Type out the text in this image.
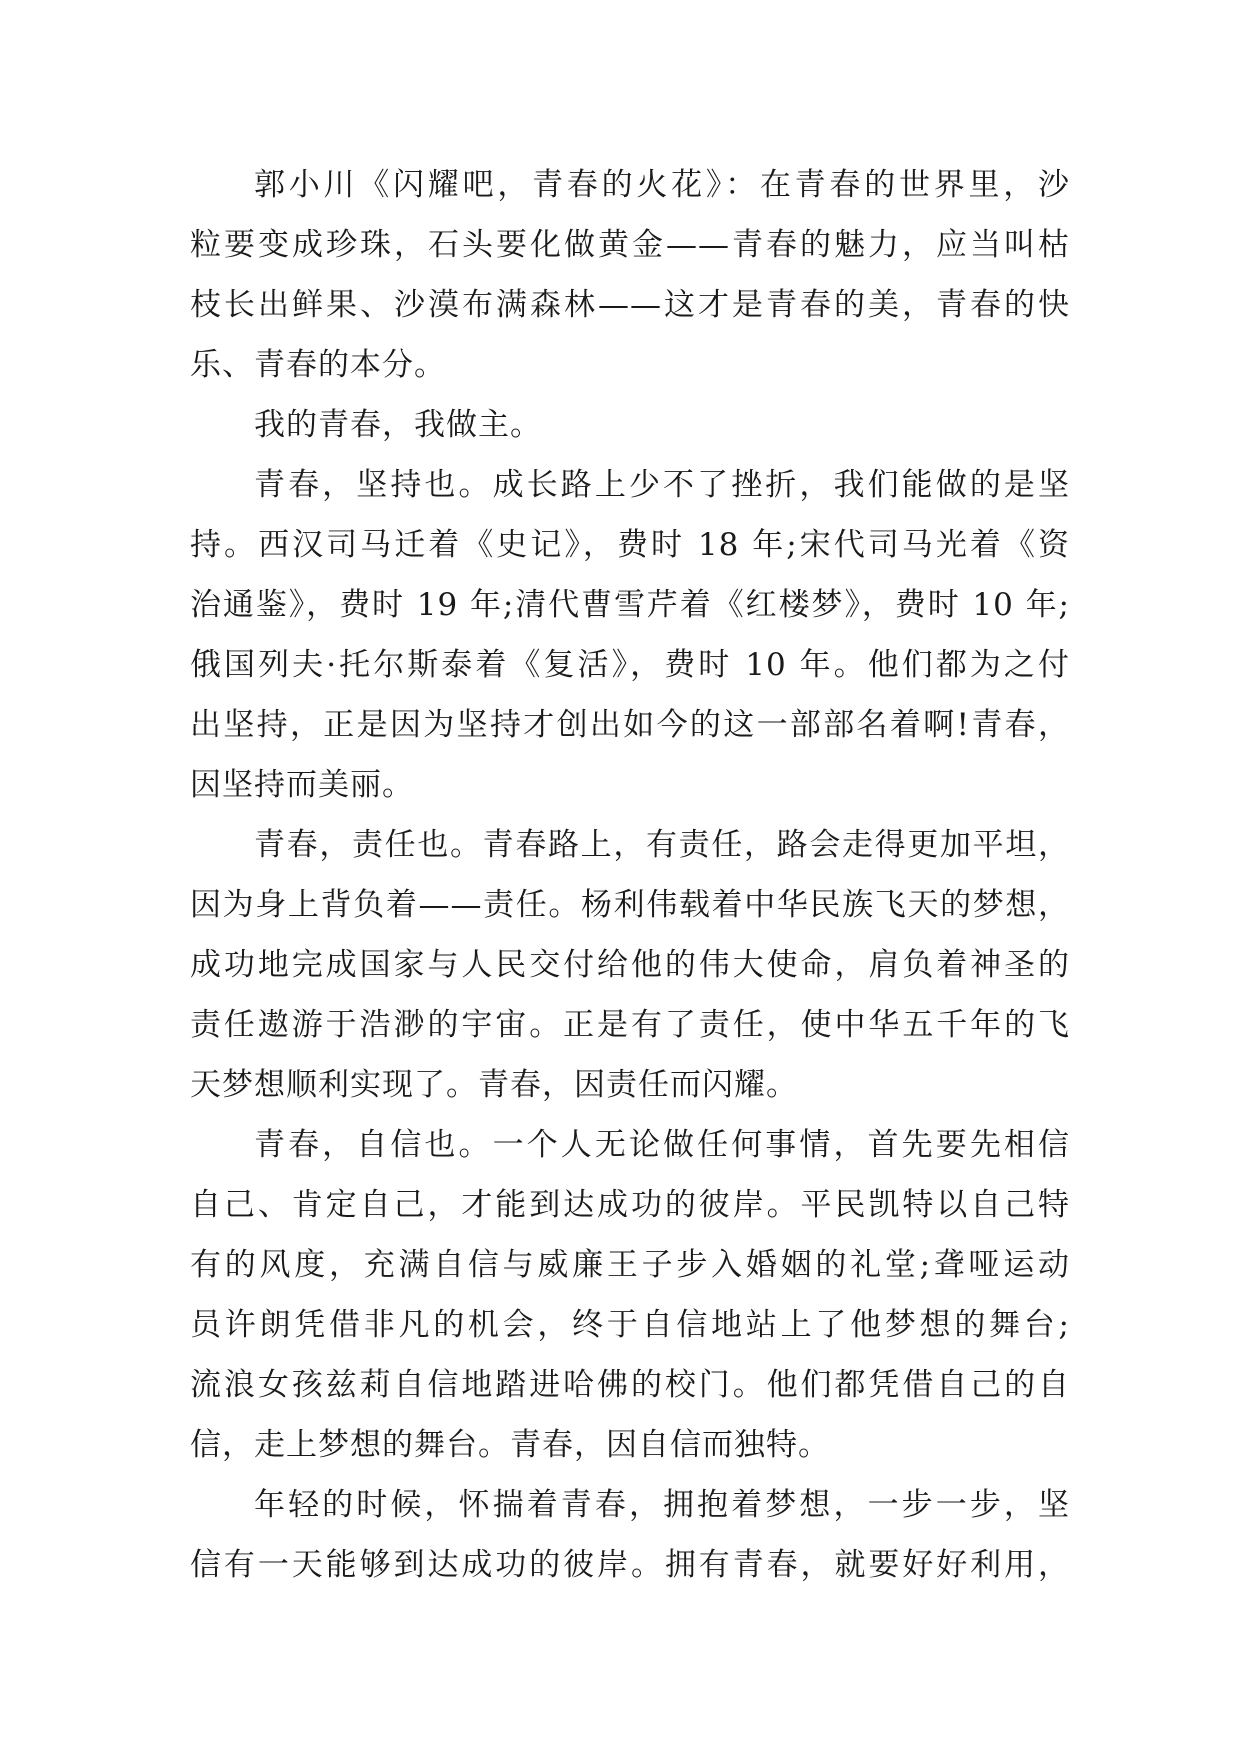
郭小川《闪耀吧，青春的火花》：在青春的世界里，沙
粒要变成珍珠，石头要化做黄金——青春的魅力，应当叫枯
枝长出鲜果、沙漠布满森林——这才是青春的美，青春的快
乐、青春的本分。
我的青春，我做主。
青春，坚持也。成长路上少不了挫折，我们能做的是坚
持。西汉司马迁着《史记》，费时 18 年;宋代司马光着《资
治通鉴》，费时 19 年;清代曹雪芹着《红楼梦》，费时 10 年;
俄国列夫·托尔斯泰着《复活》，费时 10 年。他们都为之付
出坚持，正是因为坚持才创出如今的这一部部名着啊!青春，
因坚持而美丽。
青春，责任也。青春路上，有责任，路会走得更加平坦，
因为身上背负着——责任。杨利伟载着中华民族飞天的梦想，
成功地完成国家与人民交付给他的伟大使命，肩负着神圣的
责任遨游于浩渺的宇宙。正是有了责任，使中华五千年的飞
天梦想顺利实现了。青春，因责任而闪耀。
青春，自信也。一个人无论做任何事情，首先要先相信
自己、肯定自己，才能到达成功的彼岸。平民凯特以自己特
有的风度，充满自信与威廉王子步入婚姻的礼堂;聋哑运动
员许朗凭借非凡的机会，终于自信地站上了他梦想的舞台;
流浪女孩兹莉自信地踏进哈佛的校门。他们都凭借自己的自
信，走上梦想的舞台。青春，因自信而独特。
年轻的时候，怀揣着青春，拥抱着梦想，一步一步，坚
信有一天能够到达成功的彼岸。拥有青春，就要好好利用，
